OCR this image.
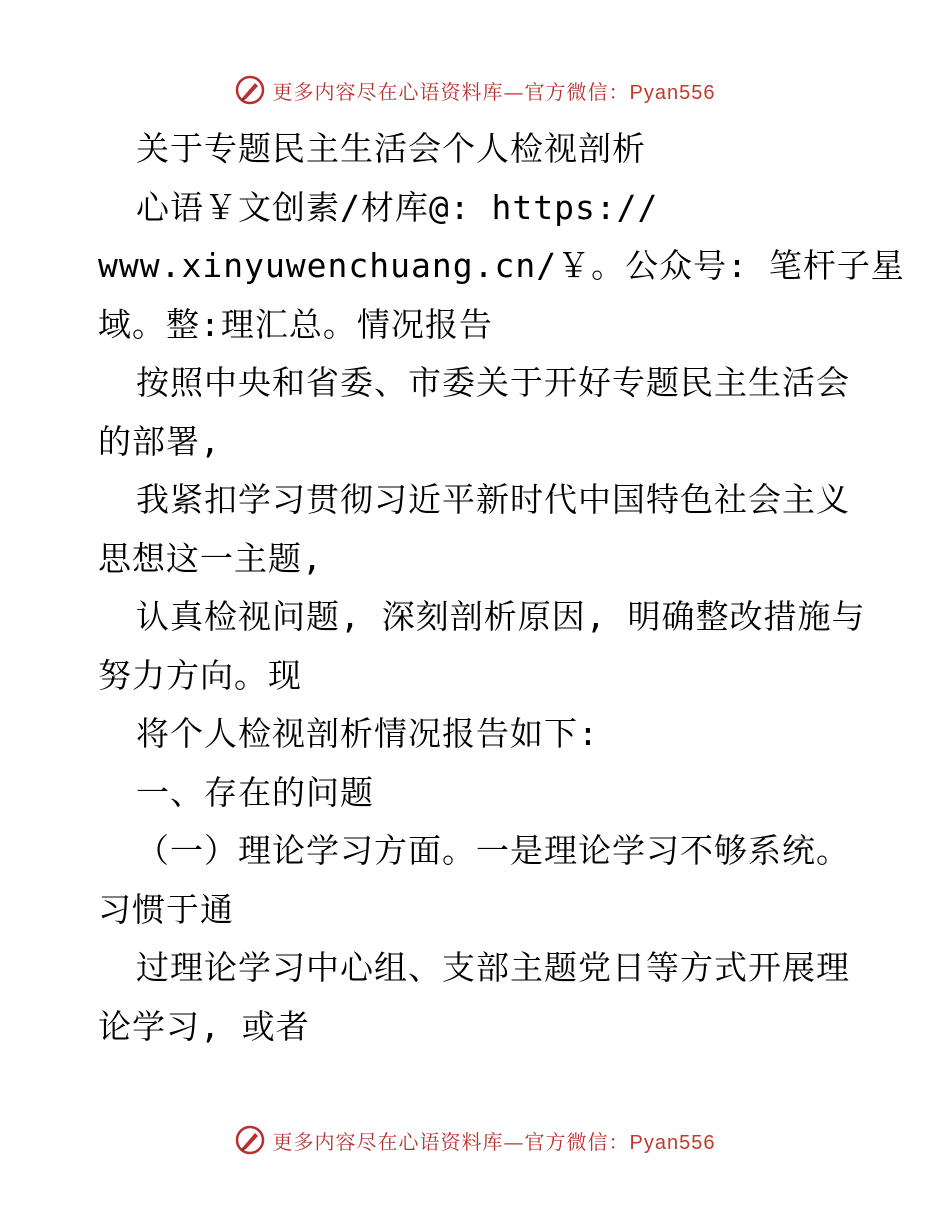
更多内容尽在心语资料库—官方微信：Pyan556
关于专题民主生活会个人检视剖析
心语￥文创素/材库@: https://
www.xinyuwenchuang.cn/￥。公众号: 笔杆子星
域。整:理汇总。情况报告
按照中央和省委、市委关于开好专题民主生活会
的部署,
我紧扣学习贯彻习近平新时代中国特色社会主义
思想这一主题,
认真检视问题, 深刻剖析原因, 明确整改措施与
努力方向。现
将个人检视剖析情况报告如下:
一、存在的问题
（一）理论学习方面。一是理论学习不够系统。
习惯于通
过理论学习中心组、支部主题党日等方式开展理
论学习, 或者
更多内容尽在心语资料库—官方微信：Pyan556
